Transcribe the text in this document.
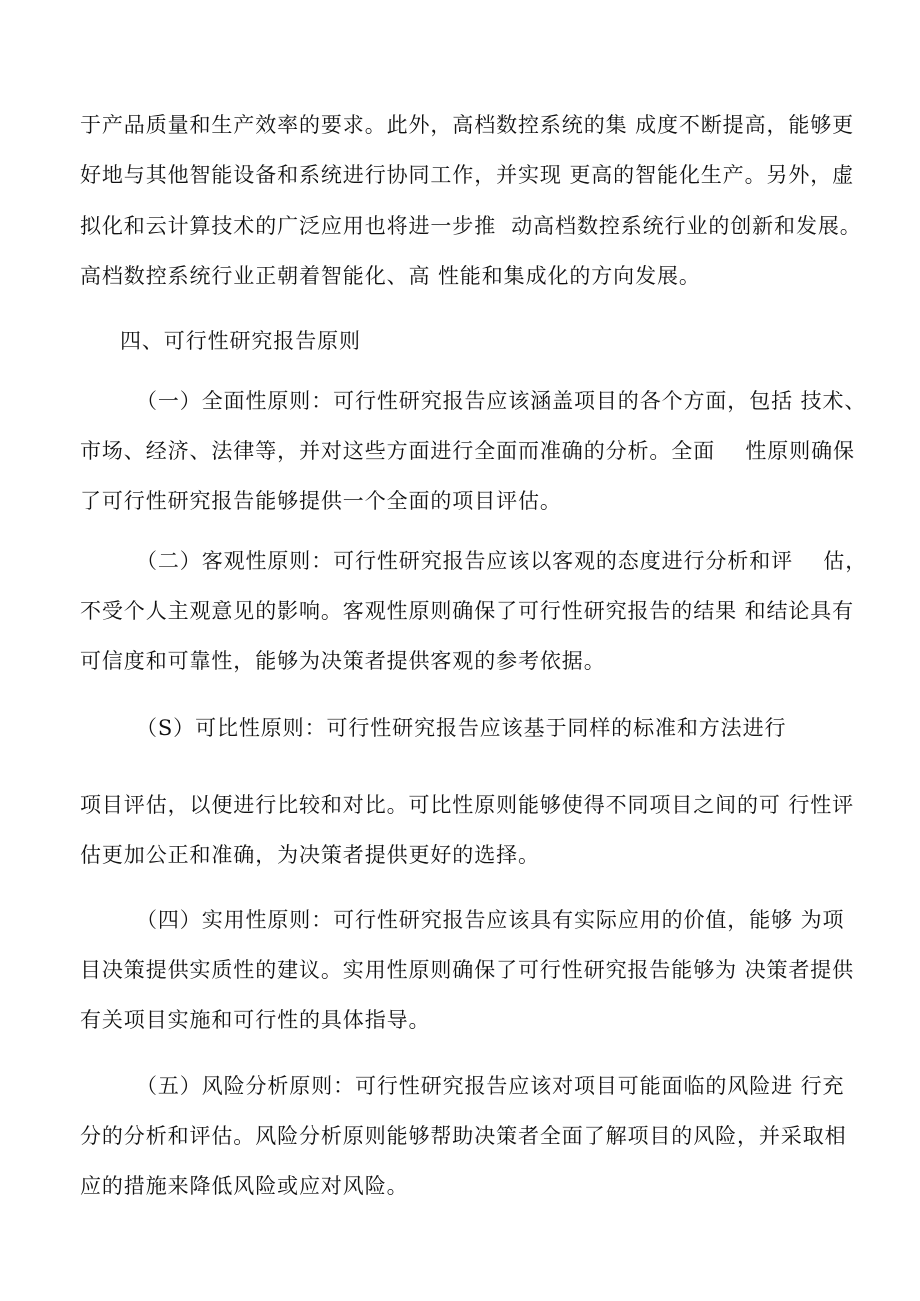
于产品质量和生产效率的要求。此外，高档数控系统的集 成度不断提高，能够更
好地与其他智能设备和系统进行协同工作，并实现 更高的智能化生产。另外，虚
拟化和云计算技术的广泛应用也将进一步推  动高档数控系统行业的创新和发展。
高档数控系统行业正朝着智能化、高 性能和集成化的方向发展。
四、可行性研究报告原则
（一）全面性原则：可行性研究报告应该涵盖项目的各个方面，包括 技术、
市场、经济、法律等，并对这些方面进行全面而准确的分析。全面    性原则确保
了可行性研究报告能够提供一个全面的项目评估。
（二）客观性原则：可行性研究报告应该以客观的态度进行分析和评    估，
不受个人主观意见的影响。客观性原则确保了可行性研究报告的结果 和结论具有
可信度和可靠性，能够为决策者提供客观的参考依据。
（S）可比性原则：可行性研究报告应该基于同样的标准和方法进行
项目评估，以便进行比较和对比。可比性原则能够使得不同项目之间的可 行性评
估更加公正和准确，为决策者提供更好的选择。
（四）实用性原则：可行性研究报告应该具有实际应用的价值，能够 为项
目决策提供实质性的建议。实用性原则确保了可行性研究报告能够为 决策者提供
有关项目实施和可行性的具体指导。
（五）风险分析原则：可行性研究报告应该对项目可能面临的风险进 行充
分的分析和评估。风险分析原则能够帮助决策者全面了解项目的风险，并采取相
应的措施来降低风险或应对风险。
